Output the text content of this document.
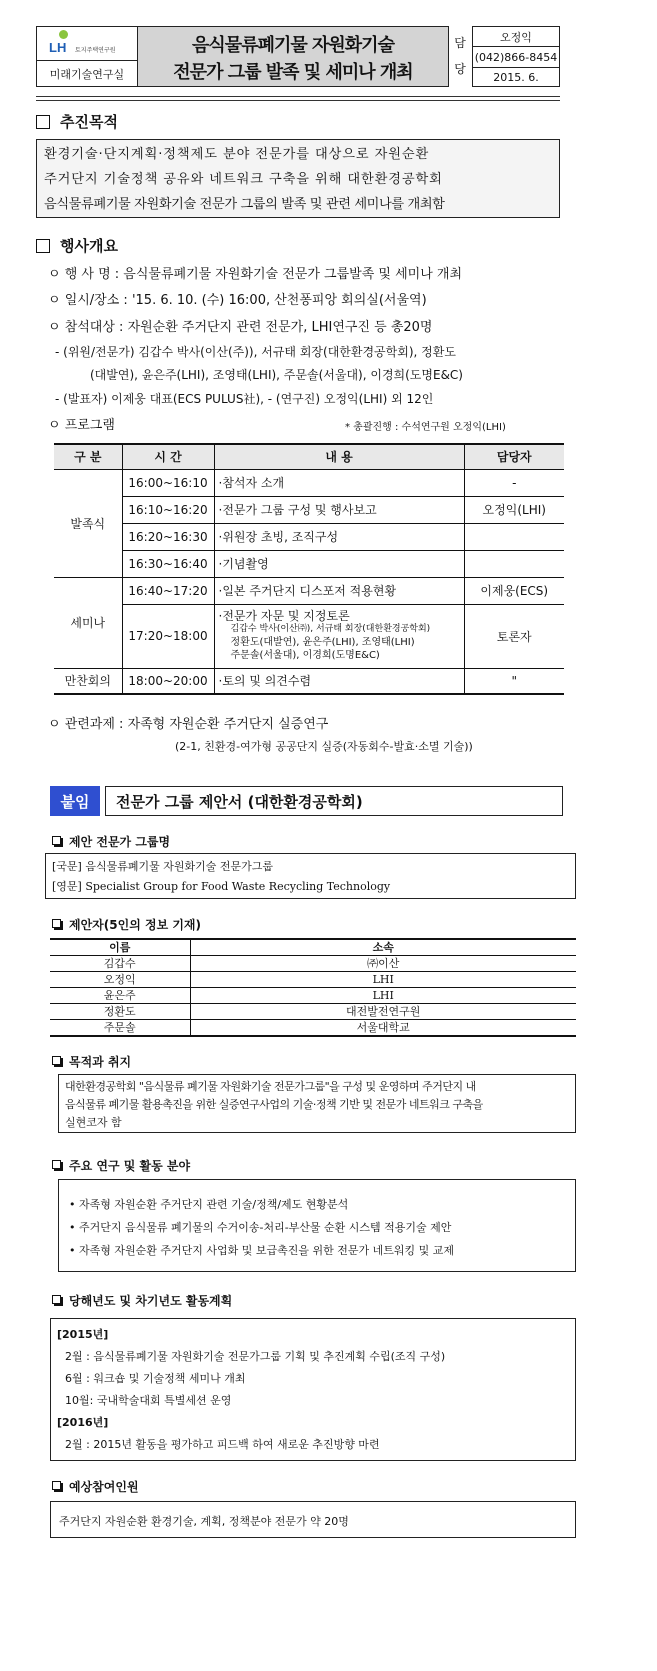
LH 토지주택연구원
미래기술연구실
음식물류폐기물 자원화기술
전문가 그룹 발족 및 세미나 개최
담
당
오정익
(042)866-8454
2015. 6.
추진목적
환경기술·단지계획·정책제도 분야 전문가를 대상으로 자원순환
주거단지 기술정책 공유와 네트워크 구축을 위해 대한환경공학회
음식물류폐기물 자원화기술 전문가 그룹의 발족 및 관련 세미나를 개최함
행사개요
ㅇ 행 사 명 : 음식물류폐기물 자원화기술 전문가 그룹발족 및 세미나 개최
ㅇ 일시/장소 : '15. 6. 10. (수) 16:00, 산천퐁피앙 회의실(서울역)
ㅇ 참석대상 : 자원순환 주거단지 관련 전문가, LHI연구진 등 총20명
- (위원/전문가) 김갑수 박사(이산(주)), 서규태 회장(대한환경공학회), 정환도
(대발연), 윤은주(LHI), 조영태(LHI), 주문솔(서울대), 이경희(도명E&C)
- (발표자) 이제웅 대표(ECS PULUS社), - (연구진) 오정익(LHI) 외 12인
ㅇ 프로그램	* 총괄진행 : 수석연구원 오정익(LHI)
구 분	시 간	내 용	담당자
발족식	16:00~16:10	·참석자 소개	-
	16:10~16:20	·전문가 그룹 구성 및 행사보고	오정익(LHI)
	16:20~16:30	·위원장 초빙, 조직구성	
	16:30~16:40	·기념촬영	
세미나	16:40~17:20	·일본 주거단지 디스포저 적용현황	이제웅(ECS)
	17:20~18:00	·전문가 자문 및 지정토론
김갑수 박사(이산㈜), 서규태 회장(대한환경공학회)
정환도(대발연), 윤은주(LHI), 조영태(LHI)
주문솔(서울대), 이경희(도명E&C)	토론자
만찬회의	18:00~20:00	·토의 및 의견수렴	"
ㅇ 관련과제 : 자족형 자원순환 주거단지 실증연구
(2-1, 친환경-여가형 공공단지 실증(자동회수-발효·소멸 기술))
붙임	전문가 그룹 제안서 (대한환경공학회)
제안 전문가 그룹명
[국문] 음식물류폐기물 자원화기술 전문가그룹
[영문] Specialist Group for Food Waste Recycling Technology
제안자(5인의 정보 기재)
이름	소속
김갑수	㈜이산
오정익	LHI
윤은주	LHI
정환도	대전발전연구원
주문솔	서울대학교
목적과 취지
대한환경공학회 "음식물류 폐기물 자원화기술 전문가그룹"을 구성 및 운영하며 주거단지 내
음식물류 폐기물 활용촉진을 위한 실증연구사업의 기술·정책 기반 및 전문가 네트워크 구축을
실현코자 함
주요 연구 및 활동 분야
• 자족형 자원순환 주거단지 관련 기술/정책/제도 현황분석
• 주거단지 음식물류 폐기물의 수거이송-처리-부산물 순환 시스템 적용기술 제안
• 자족형 자원순환 주거단지 사업화 및 보급촉진을 위한 전문가 네트워킹 및 교제
당해년도 및 차기년도 활동계획
[2015년]
2월 : 음식물류폐기물 자원화기술 전문가그룹 기획 및 추진계획 수립(조직 구성)
6월 : 워크숍 및 기술정책 세미나 개최
10월: 국내학술대회 특별세션 운영
[2016년]
2월 : 2015년 활동을 평가하고 피드백 하여 새로운 추진방향 마련
예상참여인원
주거단지 자원순환 환경기술, 계획, 정책분야 전문가 약 20명
